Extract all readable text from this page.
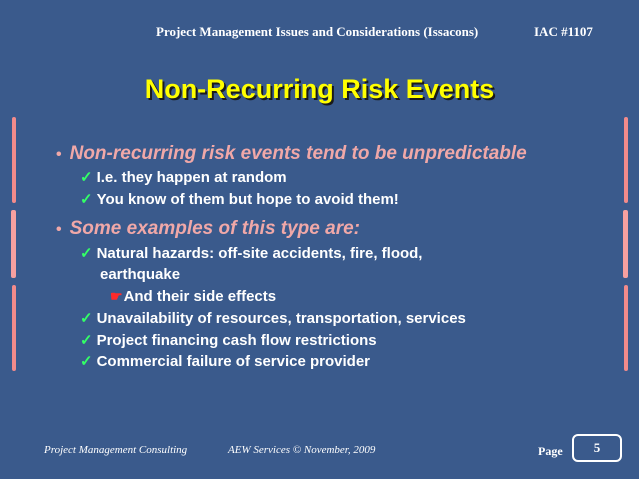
Project Management Issues and Considerations (Issacons)	IAC #1107
Non-Recurring Risk Events
• Non-recurring risk events tend to be unpredictable
✓ I.e. they happen at random
✓ You know of them but hope to avoid them!
• Some examples of this type are:
✓ Natural hazards: off-site accidents, fire, flood,
earthquake
☛And their side effects
✓ Unavailability of resources, transportation, services
✓ Project financing cash flow restrictions
✓ Commercial failure of service provider
Project Management Consulting	AEW Services © November, 2009	Page	5
